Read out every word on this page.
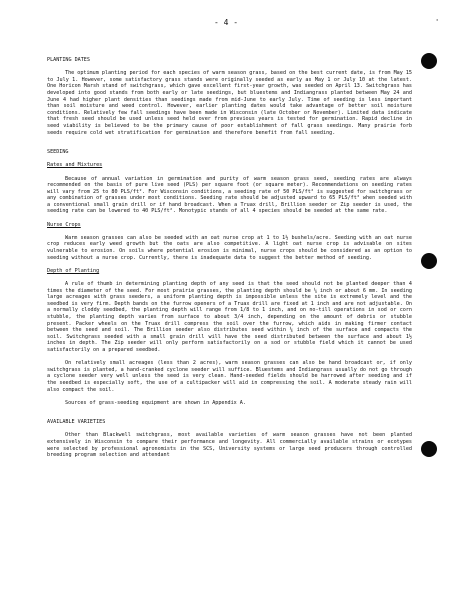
- 4 -	'

PLANTING DATES

The optimum planting period for each species of warm season grass, based on the best current date, is from May 15 to July 1. However, some satisfactory grass stands were originally seeded as early as May 1 or July 10 at the latest. One Horicon Marsh stand of switchgrass, which gave excellent first-year growth, was seeded on April 13. Switchgrass has developed into good stands from both early or late seedings, but bluestems and Indiangrass planted between May 24 and June 4 had higher plant densities than seedings made from mid-June to early July. Time of seeding is less important than soil moisture and weed control. However, earlier planting dates would take advantage of better soil moisture conditions. Relatively few fall seedings have been made in Wisconsin (late October or November). Limited data indicate that fresh seed should be used unless seed held over from previous years is tested for germination. Rapid decline in seed viability is believed to be the primary cause of poor establishment of fall grass seedings. Many prairie forb seeds require cold wet stratification for germination and therefore benefit from fall seeding.

SEEDING

Rates and Mixtures

Because of annual variation in germination and purity of warm season grass seed, seeding rates are always recommended on the basis of pure live seed (PLS) per square foot (or square meter). Recommendations on seeding rates will vary from 25 to 80 PLS/ft². For Wisconsin conditions, a seeding rate of 50 PLS/ft² is suggested for switchgrass or any combination of grasses under most conditions. Seeding rate should be adjusted upward to 65 PLS/ft² when seeded with a conventional small grain drill or if hand broadcast. When a Truax drill, Brillion seeder or Zip seeder is used, the seeding rate can be lowered to 40 PLS/ft². Monotypic stands of all 4 species should be seeded at the same rate.

Nurse Crops

Warm season grasses can also be seeded with an oat nurse crop at 1 to 1½ bushels/acre. Seeding with an oat nurse crop reduces early weed growth but the oats are also competitive. A light oat nurse crop is advisable on sites vulnerable to erosion. On soils where potential erosion is minimal, nurse crops should be considered as an option to seeding without a nurse crop. Currently, there is inadequate data to suggest the better method of seeding.

Depth of Planting

A rule of thumb in determining planting depth of any seed is that the seed should not be planted deeper than 4 times the diameter of the seed. For most prairie grasses, the planting depth should be ¼ inch or about 6 mm. In seeding large acreages with grass seeders, a uniform planting depth is impossible unless the site is extremely level and the seedbed is very firm. Depth bands on the furrow openers of a Truax drill are fixed at 1 inch and are not adjustable. On a normally cloddy seedbed, the planting depth will range from 1/8 to 1 inch, and on no-till operations in sod or corn stubble, the planting depth varies from surface to about 3/4 inch, depending on the amount of debris or stubble present. Packer wheels on the Truax drill compress the soil over the furrow, which aids in making firmer contact between the seed and soil. The Brillion seeder also distributes seed within ¼ inch of the surface and compacts the soil. Switchgrass seeded with a small grain drill will have the seed distributed between the surface and about 1½ inches in depth. The Zip seeder will only perform satisfactorily on a sod or stubble field which it cannot be used satisfactorily on a prepared seedbed.

On relatively small acreages (less than 2 acres), warm season grasses can also be hand broadcast or, if only switchgrass is planted, a hand-cranked cyclone seeder will suffice. Bluestems and Indiangrass usually do not go through a cyclone seeder very well unless the seed is very clean. Hand-seeded fields should be harrowed after seeding and if the seedbed is especially soft, the use of a cultipacker will aid in compressing the soil. A moderate steady rain will also compact the soil.

Sources of grass-seeding equipment are shown in Appendix A.

AVAILABLE VARIETIES

Other than Blackwell switchgrass, most available varieties of warm season grasses have not been planted extensively in Wisconsin to compare their performance and longevity. All commercially available strains or ecotypes were selected by professional agronomists in the SCS, University systems or large seed producers through controlled breeding program selection and attendant
